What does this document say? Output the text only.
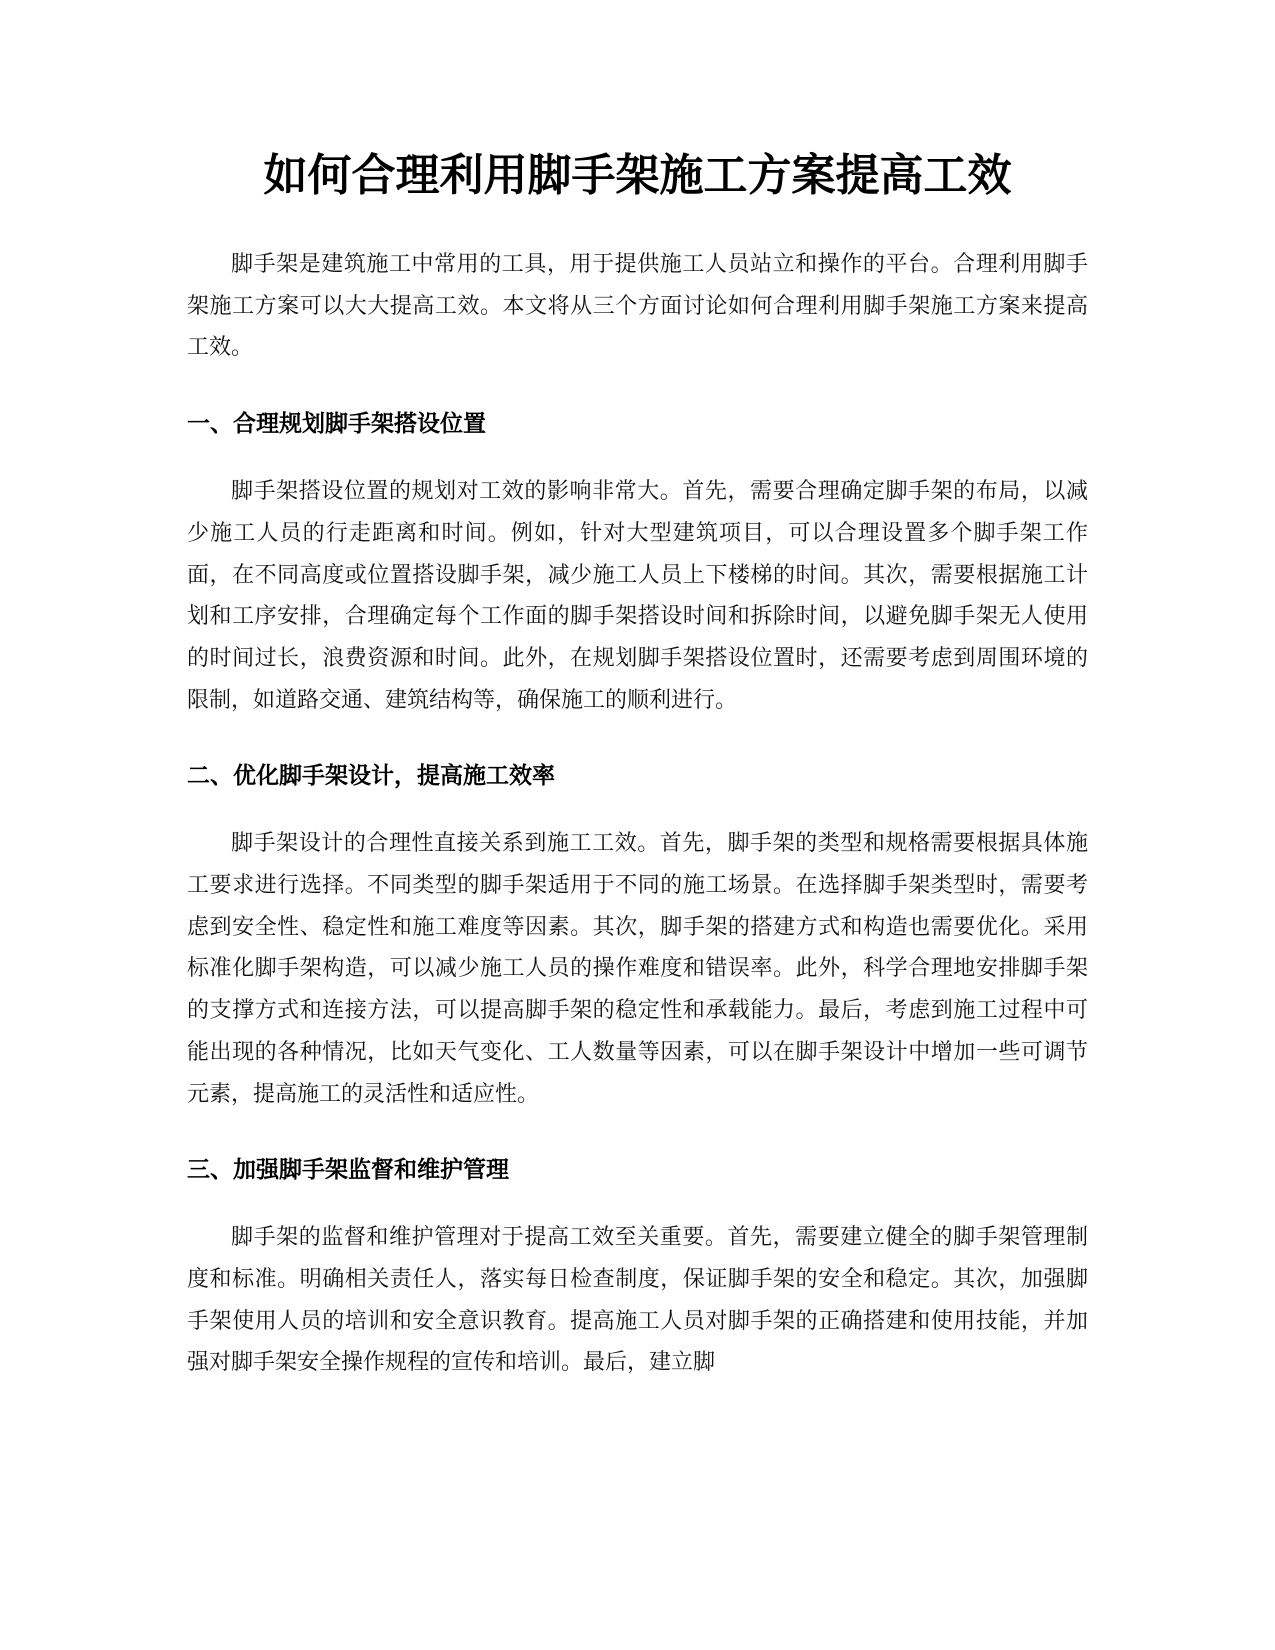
如何合理利用脚手架施工方案提高工效

脚手架是建筑施工中常用的工具，用于提供施工人员站立和操作的平台。合理利用脚手架施工方案可以大大提高工效。本文将从三个方面讨论如何合理利用脚手架施工方案来提高工效。

一、合理规划脚手架搭设位置

脚手架搭设位置的规划对工效的影响非常大。首先，需要合理确定脚手架的布局，以减少施工人员的行走距离和时间。例如，针对大型建筑项目，可以合理设置多个脚手架工作面，在不同高度或位置搭设脚手架，减少施工人员上下楼梯的时间。其次，需要根据施工计划和工序安排，合理确定每个工作面的脚手架搭设时间和拆除时间，以避免脚手架无人使用的时间过长，浪费资源和时间。此外，在规划脚手架搭设位置时，还需要考虑到周围环境的限制，如道路交通、建筑结构等，确保施工的顺利进行。

二、优化脚手架设计，提高施工效率

脚手架设计的合理性直接关系到施工工效。首先，脚手架的类型和规格需要根据具体施工要求进行选择。不同类型的脚手架适用于不同的施工场景。在选择脚手架类型时，需要考虑到安全性、稳定性和施工难度等因素。其次，脚手架的搭建方式和构造也需要优化。采用标准化脚手架构造，可以减少施工人员的操作难度和错误率。此外，科学合理地安排脚手架的支撑方式和连接方法，可以提高脚手架的稳定性和承载能力。最后，考虑到施工过程中可能出现的各种情况，比如天气变化、工人数量等因素，可以在脚手架设计中增加一些可调节元素，提高施工的灵活性和适应性。

三、加强脚手架监督和维护管理

脚手架的监督和维护管理对于提高工效至关重要。首先，需要建立健全的脚手架管理制度和标准。明确相关责任人，落实每日检查制度，保证脚手架的安全和稳定。其次，加强脚手架使用人员的培训和安全意识教育。提高施工人员对脚手架的正确搭建和使用技能，并加强对脚手架安全操作规程的宣传和培训。最后，建立脚
